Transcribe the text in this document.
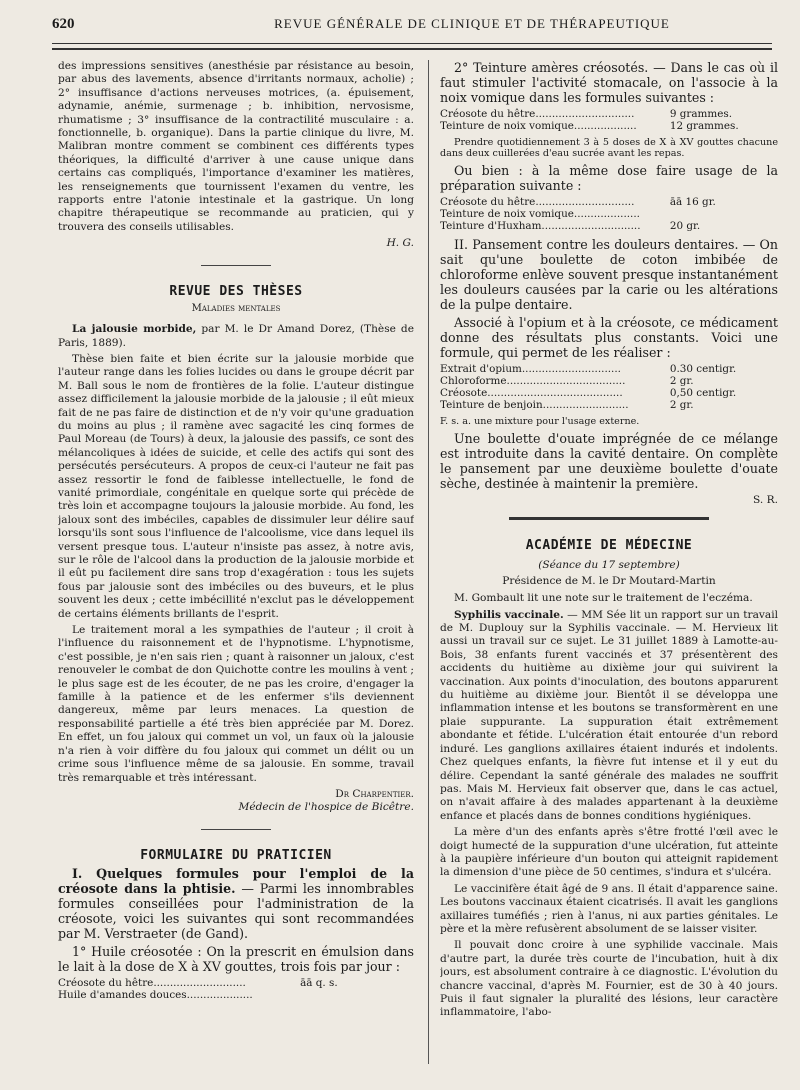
620	REVUE GÉNÉRALE DE CLINIQUE ET DE THÉRAPEUTIQUE

des impressions sensitives (anesthésie par résistance au besoin, par abus des lavements, absence d'irritants normaux, acholie) ; 2° insuffisance d'actions nerveuses motrices, (a. épuisement, adynamie, anémie, surmenage ; b. inhibition, nervosisme, rhumatisme ; 3° insuffisance de la contractilité musculaire : a. fonctionnelle, b. organique). Dans la partie clinique du livre, M. Malibran montre comment se combinent ces différents types théoriques, la difficulté d'arriver à une cause unique dans certains cas compliqués, l'importance d'examiner les matières, les renseignements que tournissent l'examen du ventre, les rapports entre l'atonie intestinale et la gastrique. Un long chapitre thérapeutique se recommande au praticien, qui y trouvera des conseils utilisables.

H. G.

REVUE DES THÈSES
Maladies mentales

La jalousie morbide, par M. le Dr Amand Dorez, (Thèse de Paris, 1889).

Thèse bien faite et bien écrite sur la jalousie morbide que l'auteur range dans les folies lucides ou dans le groupe décrit par M. Ball sous le nom de frontières de la folie. L'auteur distingue assez difficilement la jalousie morbide de la jalousie ; il eût mieux fait de ne pas faire de distinction et de n'y voir qu'une graduation du moins au plus ; il ramène avec sagacité les cinq formes de Paul Moreau (de Tours) à deux, la jalousie des passifs, ce sont des mélancoliques à idées de suicide, et celle des actifs qui sont des persécutés persécuteurs. A propos de ceux-ci l'auteur ne fait pas assez ressortir le fond de faiblesse intellectuelle, le fond de vanité primordiale, congénitale en quelque sorte qui précède de très loin et accompagne toujours la jalousie morbide. Au fond, les jaloux sont des imbéciles, capables de dissimuler leur délire sauf lorsqu'ils sont sous l'influence de l'alcoolisme, vice dans lequel ils versent presque tous. L'auteur n'insiste pas assez, à notre avis, sur le rôle de l'alcool dans la production de la jalousie morbide et il eût pu facilement dire sans trop d'exagération : tous les sujets fous par jalousie sont des imbéciles ou des buveurs, et le plus souvent les deux ; cette imbécillité n'exclut pas le développement de certains éléments brillants de l'esprit.

Le traitement moral a les sympathies de l'auteur ; il croit à l'influence du raisonnement et de l'hypnotisme. L'hypnotisme, c'est possible, je n'en sais rien ; quant à raisonner un jaloux, c'est renouveler le combat de don Quichotte contre les moulins à vent ; le plus sage est de les écouter, de ne pas les croire, d'engager la famille à la patience et de les enfermer s'ils deviennent dangereux, même par leurs menaces. La question de responsabilité partielle a été très bien appréciée par M. Dorez. En effet, un fou jaloux qui commet un vol, un faux où la jalousie n'a rien à voir diffère du fou jaloux qui commet un délit ou un crime sous l'influence même de sa jalousie. En somme, travail très remarquable et très intéressant.

Dr Charpentier.

Médecin de l'hospice de Bicêtre.

FORMULAIRE DU PRATICIEN

I. Quelques formules pour l'emploi de la créosote dans la phtisie. — Parmi les innombrables formules conseillées pour l'administration de la créosote, voici les suivantes qui sont recommandées par M. Verstraeter (de Gand).

1° Huile créosotée : On la prescrit en émulsion dans le lait à la dose de X à XV gouttes, trois fois par jour :

Créosote du hêtre............................	āā q. s.
Huile d'amandes douces....................	

2° Teinture amères créosotés. — Dans le cas où il faut stimuler l'activité stomacale, on l'associe à la noix vomique dans les formules suivantes :

Créosote du hêtre..............................	9 grammes.
Teinture de noix vomique...................	12 grammes.

Prendre quotidiennement 3 à 5 doses de X à XV gouttes chacune dans deux cuillerées d'eau sucrée avant les repas.

Ou bien : à la même dose faire usage de la préparation suivante :

Créosote du hêtre..............................	āā 16 gr.
Teinture de noix vomique....................	
Teinture d'Huxham..............................	20 gr.

II. Pansement contre les douleurs dentaires. — On sait qu'une boulette de coton imbibée de chloroforme enlève souvent presque instantanément les douleurs causées par la carie ou les altérations de la pulpe dentaire.

Associé à l'opium et à la créosote, ce médicament donne des résultats plus constants. Voici une formule, qui permet de les réaliser :

Extrait d'opium..............................	0.30 centigr.
Chloroforme....................................	2 gr.
Créosote.........................................	0,50 centigr.
Teinture de benjoin..........................	2 gr.

F. s. a. une mixture pour l'usage externe.

Une boulette d'ouate imprégnée de ce mélange est introduite dans la cavité dentaire. On complète le pansement par une deuxième boulette d'ouate sèche, destinée à maintenir la première.

S. R.

ACADÉMIE DE MÉDECINE
(Séance du 17 septembre)
Présidence de M. le Dr Moutard-Martin

M. Gombault lit une note sur le traitement de l'eczéma.

Syphilis vaccinale. — MM Sée lit un rapport sur un travail de M. Duplouy sur la Syphilis vaccinale. — M. Hervieux lit aussi un travail sur ce sujet. Le 31 juillet 1889 à Lamotte-au-Bois, 38 enfants furent vaccinés et 37 présentèrent des accidents du huitième au dixième jour qui suivirent la vaccination. Aux points d'inoculation, des boutons apparurent du huitième au dixième jour. Bientôt il se développa une inflammation intense et les boutons se transformèrent en une plaie suppurante. La suppuration était extrêmement abondante et fétide. L'ulcération était entourée d'un rebord induré. Les ganglions axillaires étaient indurés et indolents. Chez quelques enfants, la fièvre fut intense et il y eut du délire. Cependant la santé générale des malades ne souffrit pas. Mais M. Hervieux fait observer que, dans le cas actuel, on n'avait affaire à des malades appartenant à la deuxième enfance et placés dans de bonnes conditions hygiéniques.

La mère d'un des enfants après s'être frotté l'œil avec le doigt humecté de la suppuration d'une ulcération, fut atteinte à la paupière inférieure d'un bouton qui atteignit rapidement la dimension d'une pièce de 50 centimes, s'indura et s'ulcéra.

Le vaccinifère était âgé de 9 ans. Il était d'apparence saine. Les boutons vaccinaux étaient cicatrisés. Il avait les ganglions axillaires tuméfiés ; rien à l'anus, ni aux parties génitales. Le père et la mère refusèrent absolument de se laisser visiter.

Il pouvait donc croire à une syphilide vaccinale. Mais d'autre part, la durée très courte de l'incubation, huit à dix jours, est absolument contraire à ce diagnostic. L'évolution du chancre vaccinal, d'après M. Fournier, est de 30 à 40 jours. Puis il faut signaler la pluralité des lésions, leur caractère inflammatoire, l'abo-
